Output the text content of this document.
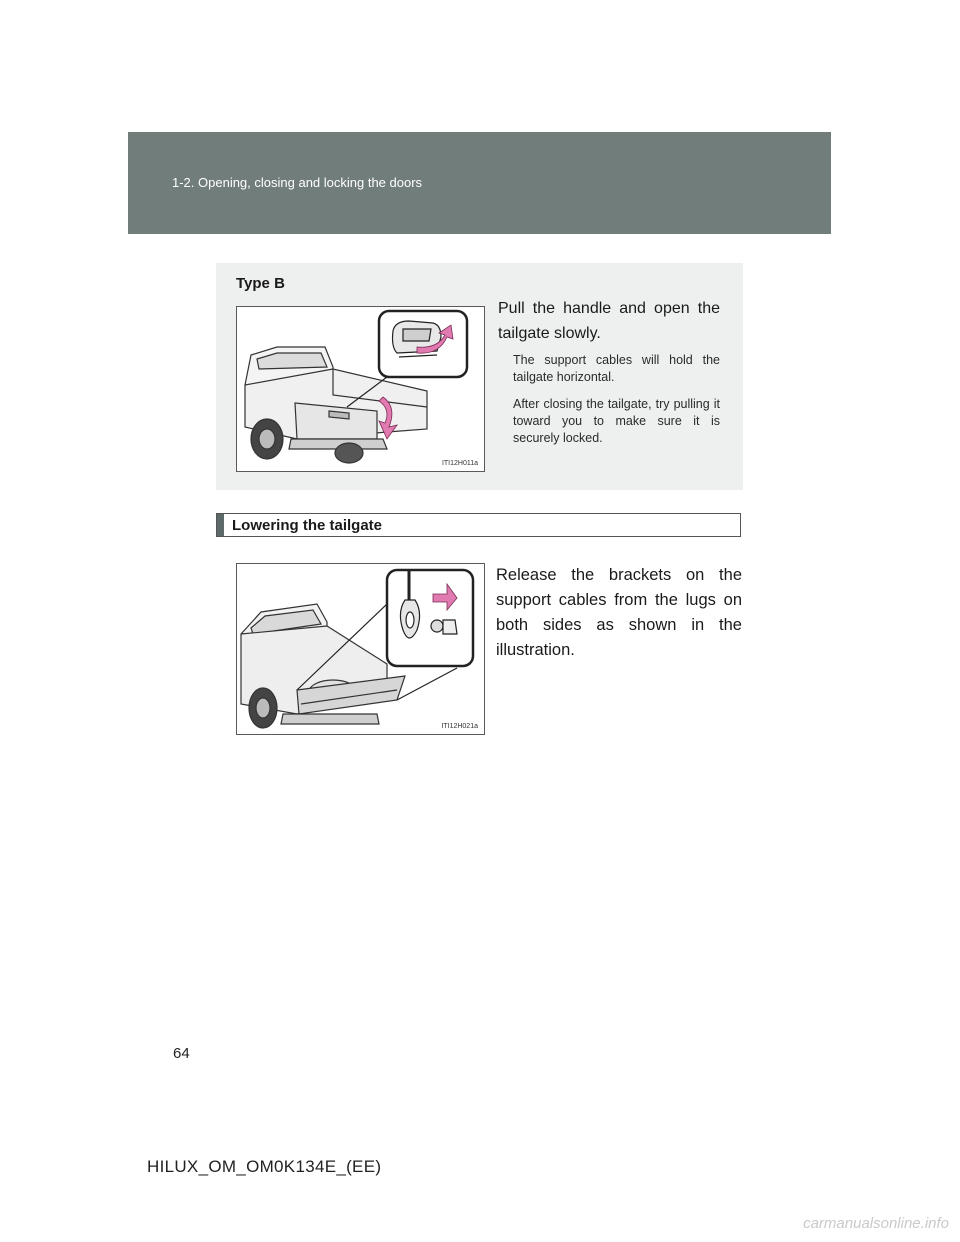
1-2. Opening, closing and locking the doors
Type B
ITI12H011a
Pull the handle and open the tailgate slowly.
The support cables will hold the tailgate horizontal.
After closing the tailgate, try pulling it toward you to make sure it is securely locked.
Lowering the tailgate
ITI12H021a
Release the brackets on the support cables from the lugs on both sides as shown in the illustration.
64
HILUX_OM_OM0K134E_(EE)
carmanualsonline.info
